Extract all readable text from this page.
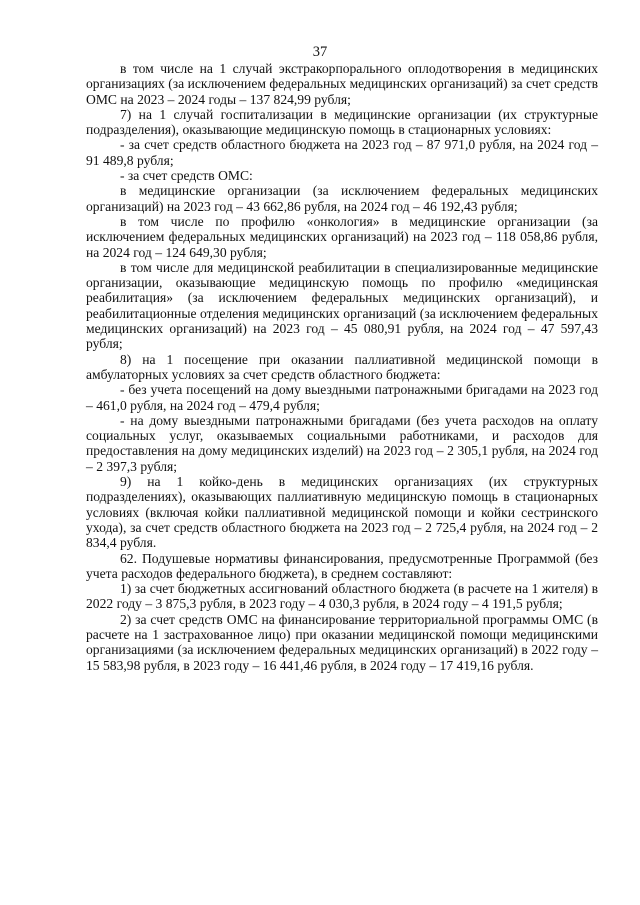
37

в том числе на 1 случай экстракорпорального оплодотворения в медицинских организациях (за исключением федеральных медицинских организаций) за счет средств ОМС на 2023 – 2024 годы – 137 824,99 рубля;

7) на 1 случай госпитализации в медицинские организации (их структурные подразделения), оказывающие медицинскую помощь в стационарных условиях:

- за счет средств областного бюджета на 2023 год – 87 971,0 рубля, на 2024 год – 91 489,8 рубля;

- за счет средств ОМС:

в медицинские организации (за исключением федеральных медицинских организаций) на 2023 год – 43 662,86 рубля, на 2024 год – 46 192,43 рубля;

в том числе по профилю «онкология» в медицинские организации (за исключением федеральных медицинских организаций) на 2023 год – 118 058,86 рубля, на 2024 год – 124 649,30 рубля;

в том числе для медицинской реабилитации в специализированные медицинские организации, оказывающие медицинскую помощь по профилю «медицинская реабилитация» (за исключением федеральных медицинских организаций), и реабилитационные отделения медицинских организаций (за исключением федеральных медицинских организаций) на 2023 год – 45 080,91 рубля, на 2024 год – 47 597,43 рубля;

8) на 1 посещение при оказании паллиативной медицинской помощи в амбулаторных условиях за счет средств областного бюджета:

- без учета посещений на дому выездными патронажными бригадами на 2023 год – 461,0 рубля, на 2024 год – 479,4 рубля;

- на дому выездными патронажными бригадами (без учета расходов на оплату социальных услуг, оказываемых социальными работниками, и расходов для предоставления на дому медицинских изделий) на 2023 год – 2 305,1 рубля, на 2024 год – 2 397,3 рубля;

9) на 1 койко-день в медицинских организациях (их структурных подразделениях), оказывающих паллиативную медицинскую помощь в стационарных условиях (включая койки паллиативной медицинской помощи и койки сестринского ухода), за счет средств областного бюджета на 2023 год – 2 725,4 рубля, на 2024 год – 2 834,4 рубля.

62. Подушевые нормативы финансирования, предусмотренные Программой (без учета расходов федерального бюджета), в среднем составляют:

1) за счет бюджетных ассигнований областного бюджета (в расчете на 1 жителя) в 2022 году – 3 875,3 рубля, в 2023 году – 4 030,3 рубля, в 2024 году – 4 191,5 рубля;

2) за счет средств ОМС на финансирование территориальной программы ОМС (в расчете на 1 застрахованное лицо) при оказании медицинской помощи медицинскими организациями (за исключением федеральных медицинских организаций) в 2022 году – 15 583,98 рубля, в 2023 году – 16 441,46 рубля, в 2024 году – 17 419,16 рубля.
